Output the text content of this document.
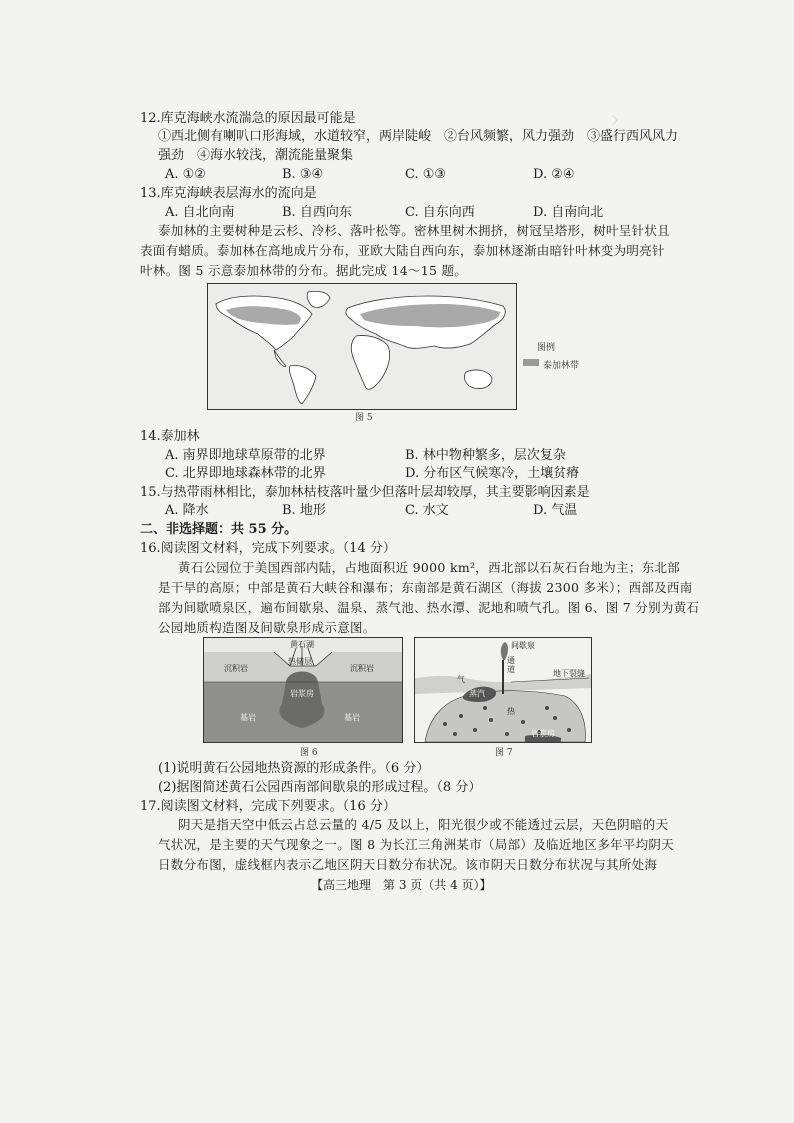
〉　　　　　　　
12.库克海峡水流湍急的原因最可能是
①西北侧有喇叭口形海域，水道较窄，两岸陡峻　②台风频繁，风力强劲　③盛行西风风力
强劲　④海水较浅，潮流能量聚集
A. ①②	B. ③④	C. ①③	D. ②④
13.库克海峡表层海水的流向是
A. 自北向南	B. 自西向东	C. 自东向西	D. 自南向北
泰加林的主要树种是云杉、冷杉、落叶松等。密林里树木拥挤，树冠呈塔形，树叶呈针状且
表面有蜡质。泰加林在高地成片分布，亚欧大陆自西向东，泰加林逐渐由暗针叶林变为明亮针
叶林。图 5 示意泰加林带的分布。据此完成 14～15 题。
图例
泰加林带
图 5
14.泰加林
A. 南界即地球草原带的北界	B. 林中物种繁多，层次复杂
C. 北界即地球森林带的北界	D. 分布区气候寒冷，土壤贫瘠
15.与热带雨林相比，泰加林枯枝落叶量少但落叶层却较厚，其主要影响因素是
A. 降水	B. 地形	C. 水文	D. 气温
二、非选择题：共 55 分。
16.阅读图文材料，完成下列要求。（14 分）
黄石公园位于美国西部内陆，占地面积近 9000 km²，西北部以石灰石台地为主；东北部
是干旱的高原；中部是黄石大峡谷和瀑布；东南部是黄石湖区（海拔 2300 多米）；西部及西南
部为间歇喷泉区，遍布间歇泉、温泉、蒸气池、热水潭、泥地和喷气孔。图 6、图 7 分别为黄石
公园地质构造图及间歇泉形成示意图。
黄石湖
热储层
沉积岩	沉积岩
岩浆房
基岩	基岩
图 6
间歇泉
通道
气
蒸汽
地下裂缝
热
岩浆房
图 7
(1)说明黄石公园地热资源的形成条件。（6 分）
(2)据图简述黄石公园西南部间歇泉的形成过程。（8 分）
17.阅读图文材料，完成下列要求。（16 分）
阴天是指天空中低云占总云量的 4/5 及以上，阳光很少或不能透过云层，天色阴暗的天
气状况，是主要的天气现象之一。图 8 为长江三角洲某市（局部）及临近地区多年平均阴天
日数分布图，虚线框内表示乙地区阴天日数分布状况。该市阴天日数分布状况与其所处海
【高三地理　第 3 页（共 4 页）】
